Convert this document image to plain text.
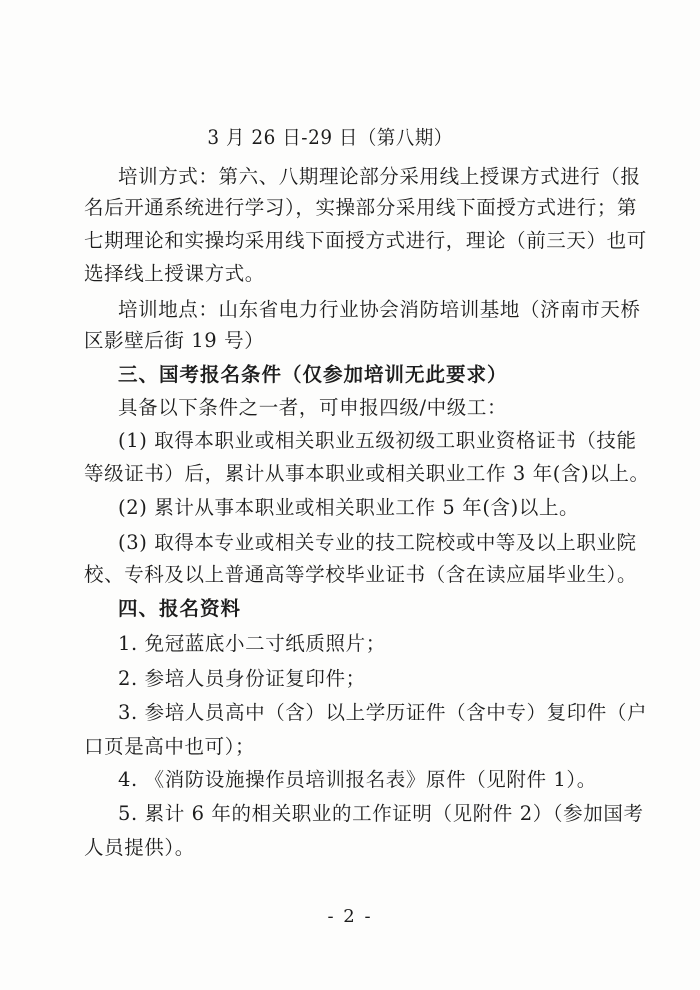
3 月 26 日-29 日（第八期）
培训方式：第六、八期理论部分采用线上授课方式进行（报
名后开通系统进行学习），实操部分采用线下面授方式进行；第
七期理论和实操均采用线下面授方式进行，理论（前三天）也可
选择线上授课方式。
培训地点：山东省电力行业协会消防培训基地（济南市天桥
区影壁后街 19 号）
三、国考报名条件（仅参加培训无此要求）
具备以下条件之一者，可申报四级/中级工：
(1) 取得本职业或相关职业五级初级工职业资格证书（技能
等级证书）后，累计从事本职业或相关职业工作 3 年(含)以上。
(2) 累计从事本职业或相关职业工作 5 年(含)以上。
(3) 取得本专业或相关专业的技工院校或中等及以上职业院
校、专科及以上普通高等学校毕业证书（含在读应届毕业生）。
四、报名资料
1. 免冠蓝底小二寸纸质照片；
2. 参培人员身份证复印件；
3. 参培人员高中（含）以上学历证件（含中专）复印件（户
口页是高中也可）；
4. 《消防设施操作员培训报名表》原件（见附件 1）。
5. 累计 6 年的相关职业的工作证明（见附件 2）（参加国考
人员提供）。
- 2 -
